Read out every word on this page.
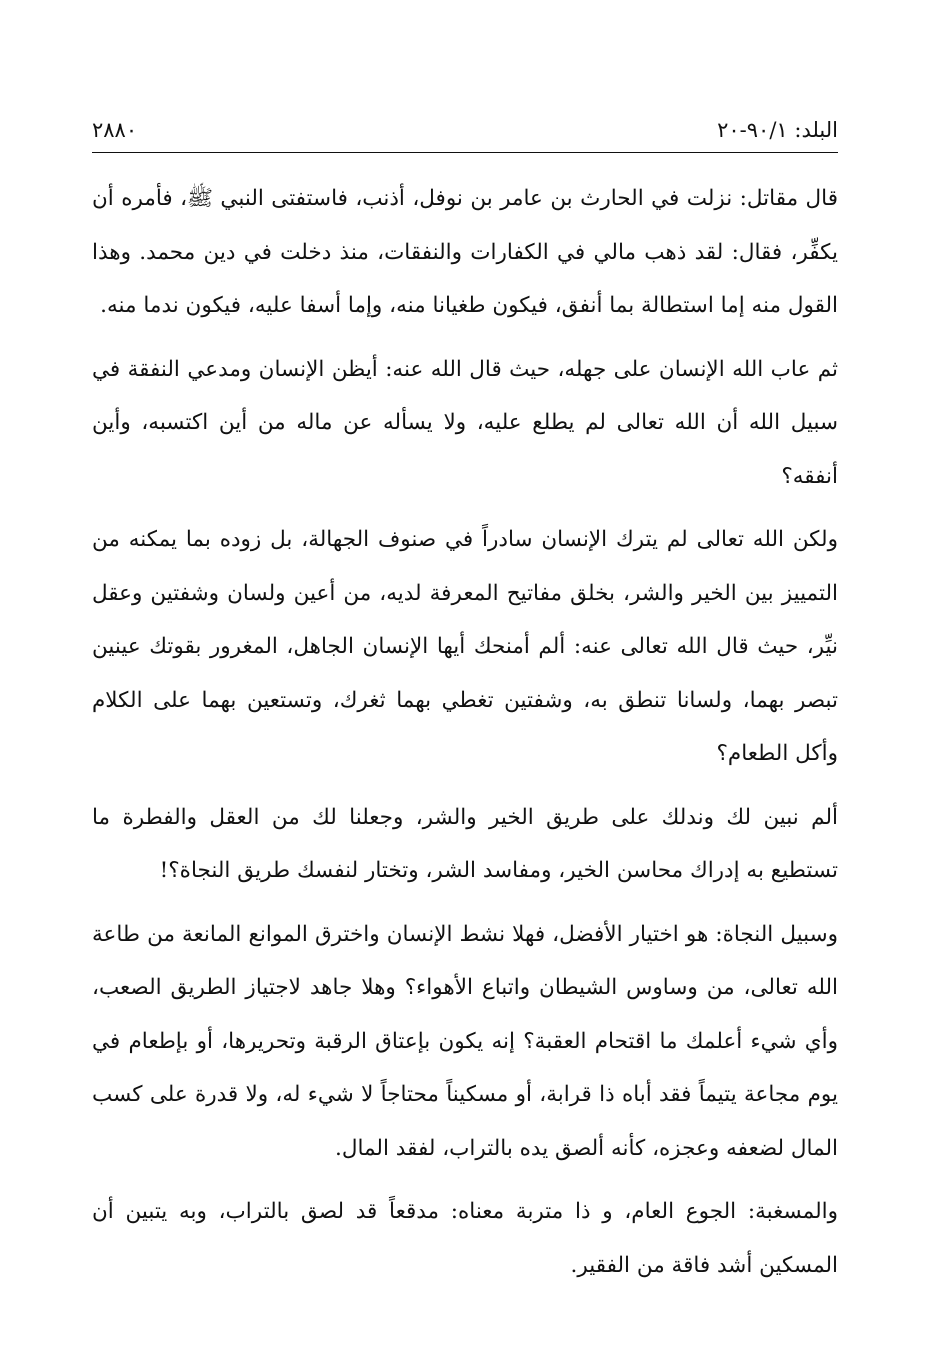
البلد: ٩٠/١-٢٠
٢٨٨٠

قال مقاتل: نزلت في الحارث بن عامر بن نوفل، أذنب، فاستفتى النبي ﷺ، فأمره أن يكفِّر، فقال: لقد ذهب مالي في الكفارات والنفقات، منذ دخلت في دين محمد. وهذا القول منه إما استطالة بما أنفق، فيكون طغيانا منه، وإما أسفا عليه، فيكون ندما منه.

ثم عاب الله الإنسان على جهله، حيث قال الله عنه: أيظن الإنسان ومدعي النفقة في سبيل الله أن الله تعالى لم يطلع عليه، ولا يسأله عن ماله من أين اكتسبه، وأين أنفقه؟

ولكن الله تعالى لم يترك الإنسان سادراً في صنوف الجهالة، بل زوده بما يمكنه من التمييز بين الخير والشر، بخلق مفاتيح المعرفة لديه، من أعين ولسان وشفتين وعقل نيِّر، حيث قال الله تعالى عنه: ألم أمنحك أيها الإنسان الجاهل، المغرور بقوتك عينين تبصر بهما، ولسانا تنطق به، وشفتين تغطي بهما ثغرك، وتستعين بهما على الكلام وأكل الطعام؟

ألم نبين لك وندلك على طريق الخير والشر، وجعلنا لك من العقل والفطرة ما تستطيع به إدراك محاسن الخير، ومفاسد الشر، وتختار لنفسك طريق النجاة؟!

وسبيل النجاة: هو اختيار الأفضل، فهلا نشط الإنسان واخترق الموانع المانعة من طاعة الله تعالى، من وساوس الشيطان واتباع الأهواء؟ وهلا جاهد لاجتياز الطريق الصعب، وأي شيء أعلمك ما اقتحام العقبة؟ إنه يكون بإعتاق الرقبة وتحريرها، أو بإطعام في يوم مجاعة يتيماً فقد أباه ذا قرابة، أو مسكيناً محتاجاً لا شيء له، ولا قدرة على كسب المال لضعفه وعجزه، كأنه ألصق يده بالتراب، لفقد المال.

والمسغبة: الجوع العام، و ذا متربة معناه: مدقعاً قد لصق بالتراب، وبه يتبين أن المسكين أشد فاقة من الفقير.
